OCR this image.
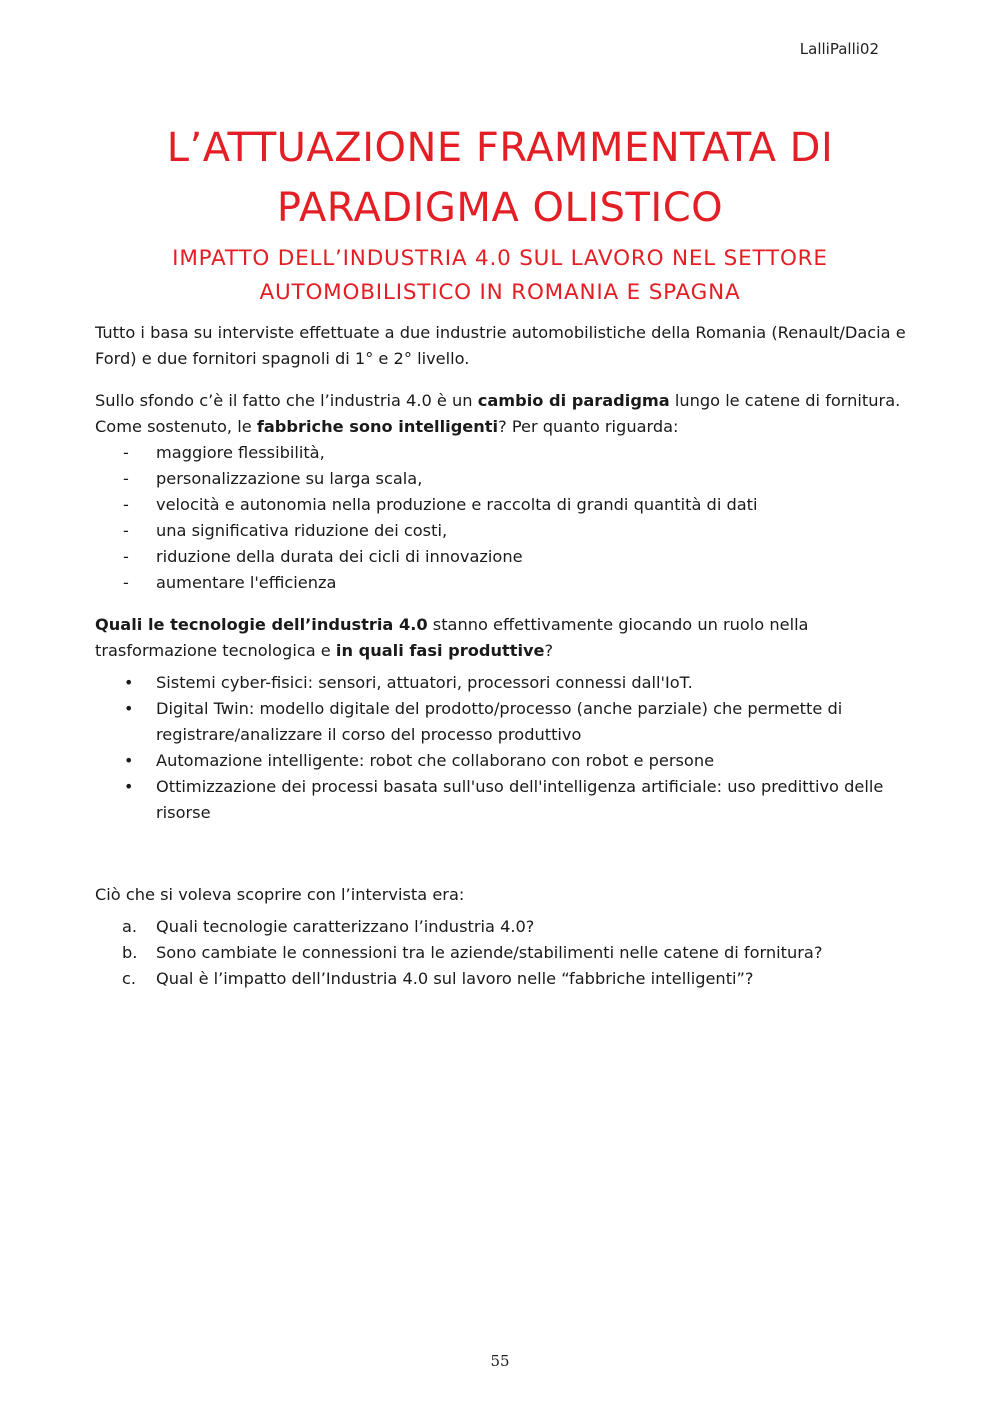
LalliPalli02
L’ATTUAZIONE FRAMMENTATA DI
PARADIGMA OLISTICO
IMPATTO DELL’INDUSTRIA 4.0 SUL LAVORO NEL SETTORE
AUTOMOBILISTICO IN ROMANIA E SPAGNA

Tutto i basa su interviste effettuate a due industrie automobilistiche della Romania (Renault/Dacia e Ford) e due fornitori spagnoli di 1° e 2° livello.

Sullo sfondo c’è il fatto che l’industria 4.0 è un cambio di paradigma lungo le catene di fornitura. Come sostenuto, le fabbriche sono intelligenti? Per quanto riguarda:

- maggiore flessibilità,
- personalizzazione su larga scala,
- velocità e autonomia nella produzione e raccolta di grandi quantità di dati
- una significativa riduzione dei costi,
- riduzione della durata dei cicli di innovazione
- aumentare l'efficienza

Quali le tecnologie dell’industria 4.0 stanno effettivamente giocando un ruolo nella trasformazione tecnologica e in quali fasi produttive?

• Sistemi cyber-fisici: sensori, attuatori, processori connessi dall'IoT.
• Digital Twin: modello digitale del prodotto/processo (anche parziale) che permette di registrare/analizzare il corso del processo produttivo
• Automazione intelligente: robot che collaborano con robot e persone
• Ottimizzazione dei processi basata sull'uso dell'intelligenza artificiale: uso predittivo delle risorse

Ciò che si voleva scoprire con l’intervista era:

a. Quali tecnologie caratterizzano l’industria 4.0?
b. Sono cambiate le connessioni tra le aziende/stabilimenti nelle catene di fornitura?
c. Qual è l’impatto dell’Industria 4.0 sul lavoro nelle “fabbriche intelligenti”?
55
